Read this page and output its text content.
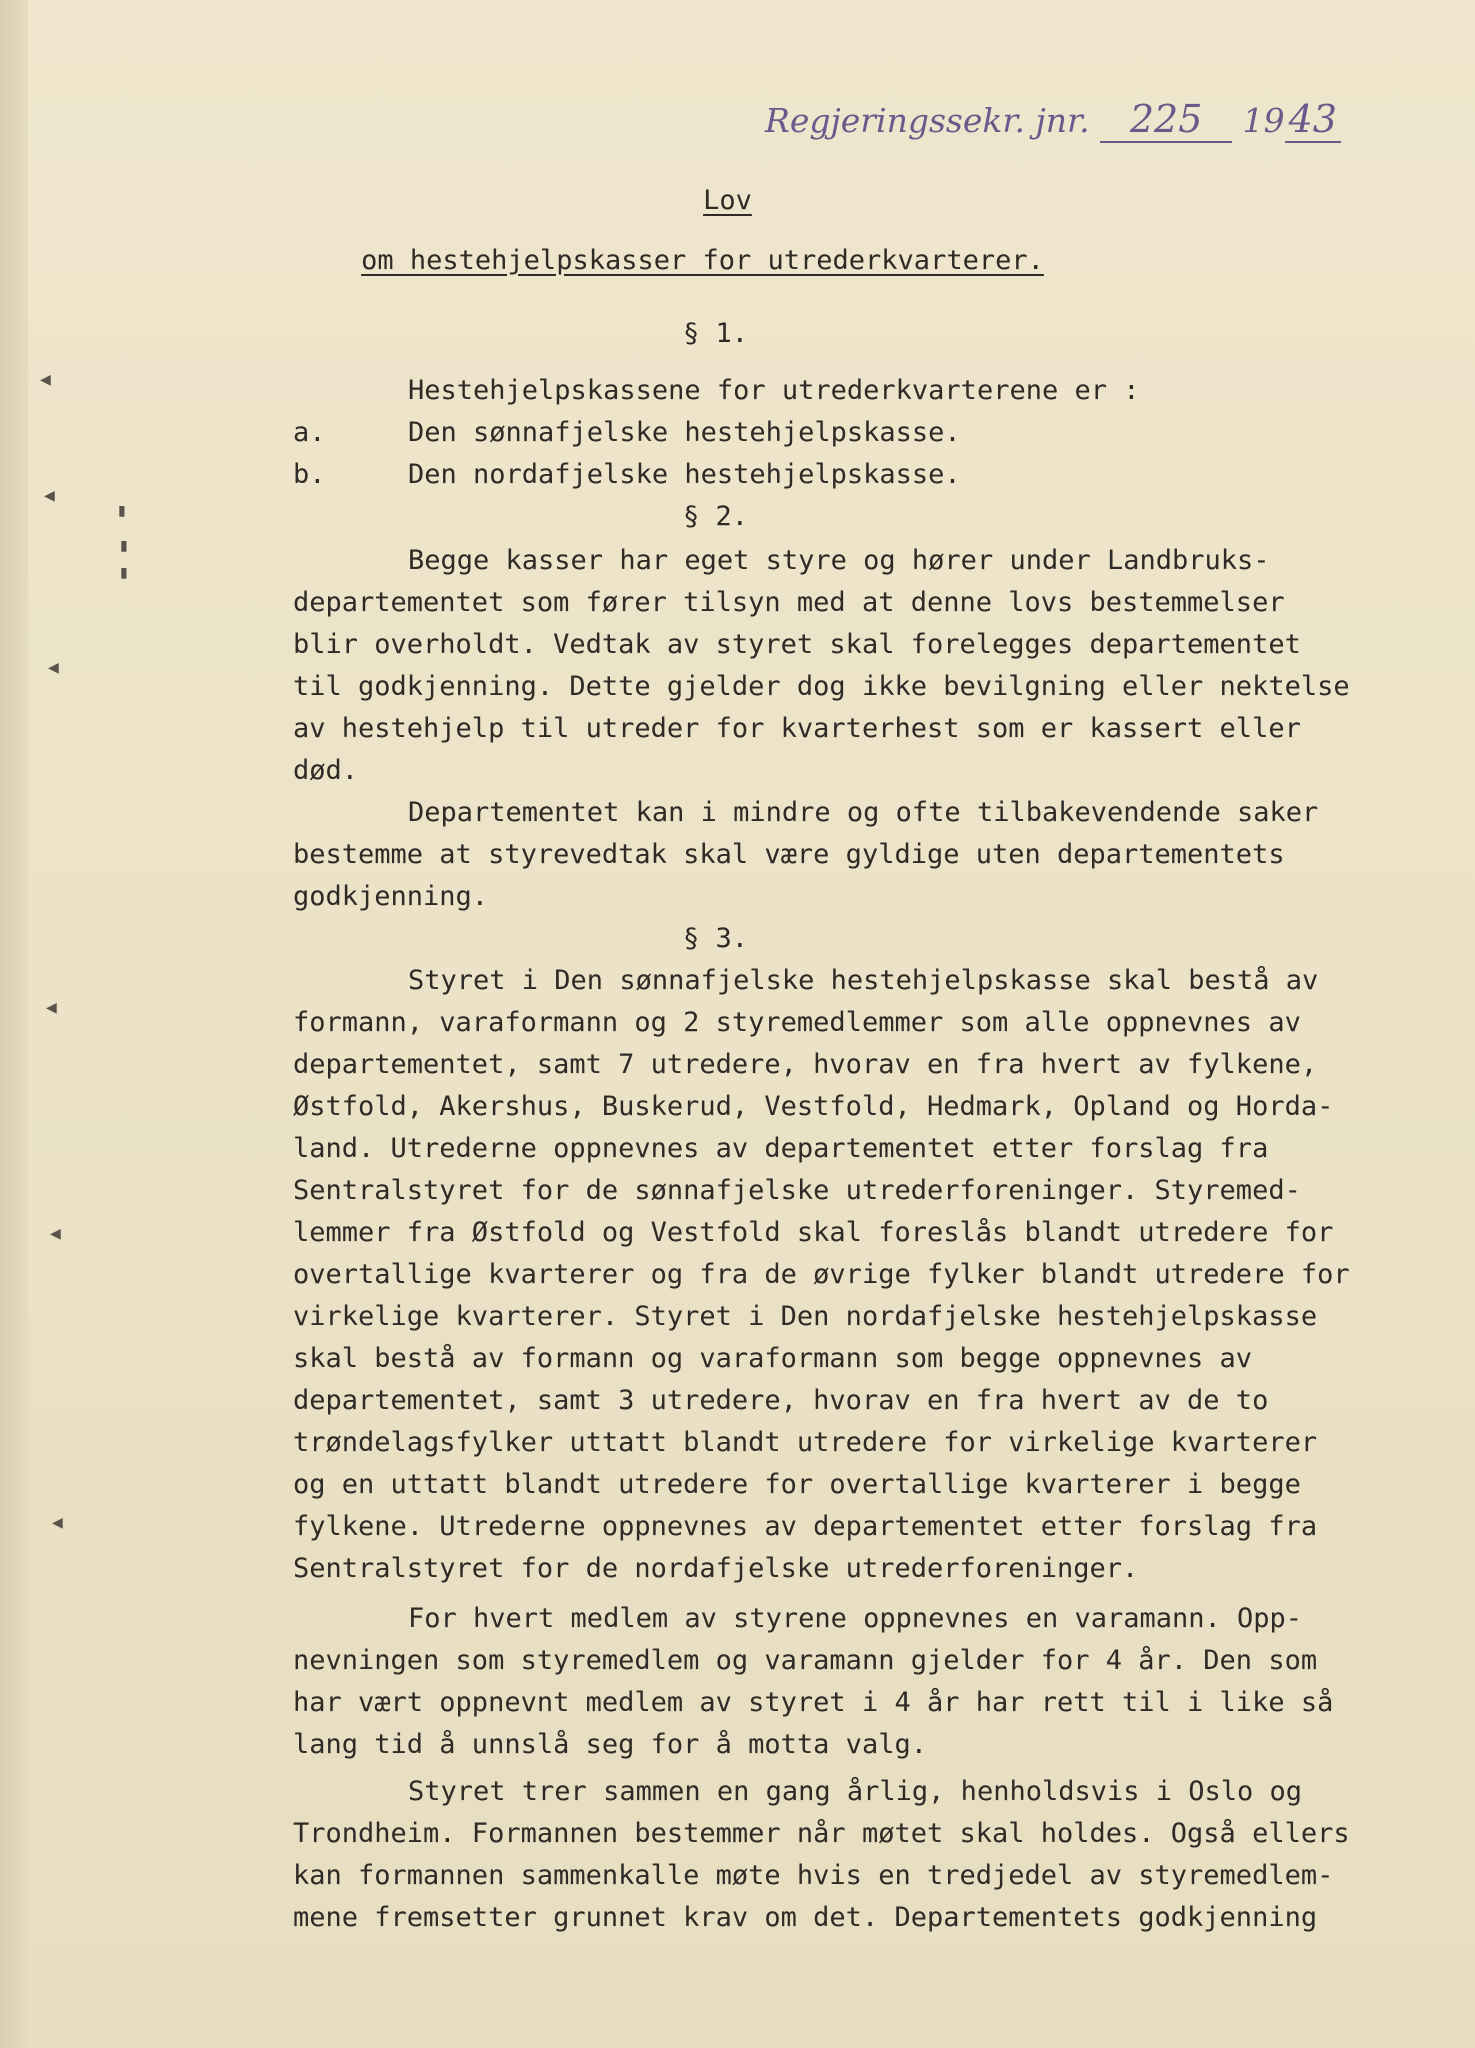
◀
◀
◀
◀
◀
◀
▮
▮
▮
Regjeringssekr. jnr. 225 19 43
Lov
om hestehjelpskasser for utrederkvarterer.
§ 1.
Hestehjelpskassene for utrederkvarterene er :
a.	Den sønnafjelske hestehjelpskasse.
b.	Den nordafjelske hestehjelpskasse.
§ 2.
Begge kasser har eget styre og hører under Landbruks-
departementet som fører tilsyn med at denne lovs bestemmelser
blir overholdt. Vedtak av styret skal forelegges departementet
til godkjenning. Dette gjelder dog ikke bevilgning eller nektelse
av hestehjelp til utreder for kvarterhest som er kassert eller
død.
Departementet kan i mindre og ofte tilbakevendende saker
bestemme at styrevedtak skal være gyldige uten departementets
godkjenning.
§ 3.
Styret i Den sønnafjelske hestehjelpskasse skal bestå av
formann, varaformann og 2 styremedlemmer som alle oppnevnes av
departementet, samt 7 utredere, hvorav en fra hvert av fylkene,
Østfold, Akershus, Buskerud, Vestfold, Hedmark, Opland og Horda-
land. Utrederne oppnevnes av departementet etter forslag fra
Sentralstyret for de sønnafjelske utrederforeninger. Styremed-
lemmer fra Østfold og Vestfold skal foreslås blandt utredere for
overtallige kvarterer og fra de øvrige fylker blandt utredere for
virkelige kvarterer. Styret i Den nordafjelske hestehjelpskasse
skal bestå av formann og varaformann som begge oppnevnes av
departementet, samt 3 utredere, hvorav en fra hvert av de to
trøndelagsfylker uttatt blandt utredere for virkelige kvarterer
og en uttatt blandt utredere for overtallige kvarterer i begge
fylkene. Utrederne oppnevnes av departementet etter forslag fra
Sentralstyret for de nordafjelske utrederforeninger.
For hvert medlem av styrene oppnevnes en varamann. Opp-
nevningen som styremedlem og varamann gjelder for 4 år. Den som
har vært oppnevnt medlem av styret i 4 år har rett til i like så
lang tid å unnslå seg for å motta valg.
Styret trer sammen en gang årlig, henholdsvis i Oslo og
Trondheim. Formannen bestemmer når møtet skal holdes. Også ellers
kan formannen sammenkalle møte hvis en tredjedel av styremedlem-
mene fremsetter grunnet krav om det. Departementets godkjenning
